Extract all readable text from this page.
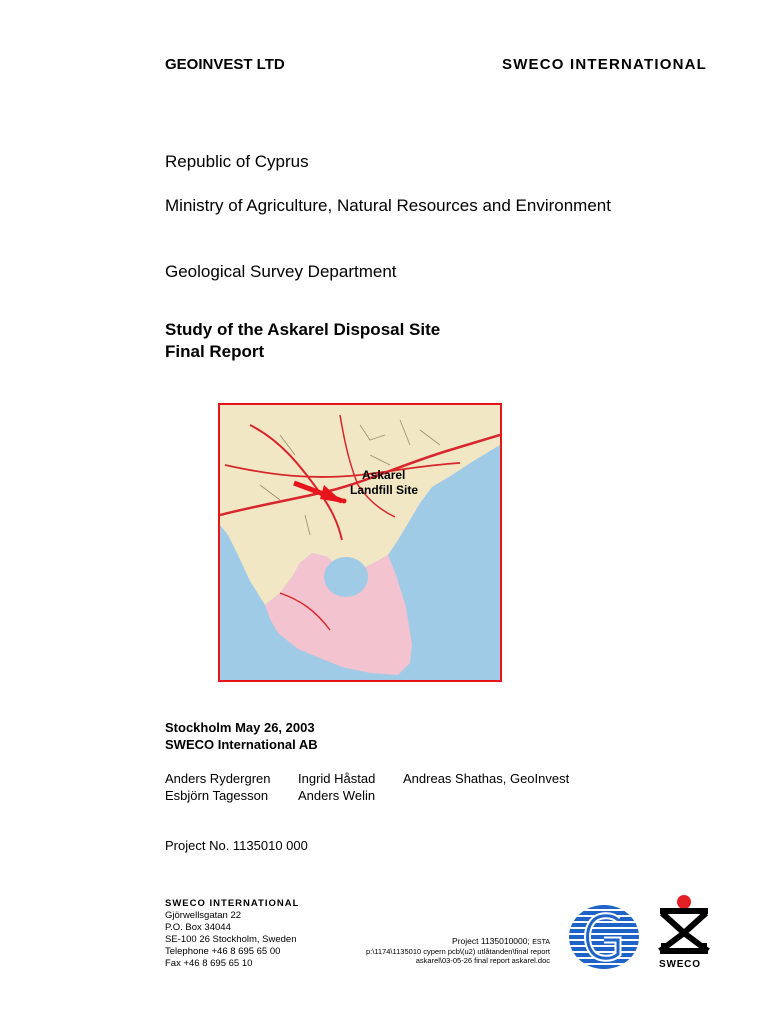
GEOINVEST LTD	SWECO INTERNATIONAL
Republic of Cyprus
Ministry of Agriculture, Natural Resources and Environment
Geological Survey Department
Study of the Askarel Disposal Site
Final Report
Askarel
Landfill Site
Stockholm May 26, 2003
SWECO International AB
Anders Rydergren Ingrid Håstad Andreas Shathas, GeoInvest
Esbjörn Tagesson Anders Welin
Project No. 1135010 000
SWECO INTERNATIONAL
Gjörwellsgatan 22
P.O. Box 34044
SE-100 26 Stockholm, Sweden
Telephone +46 8 695 65 00
Fax +46 8 695 65 10
Project 1135010000; ESTA
p:\1174\1135010 cypern pcb\(u2) utlåtanden\final report
askarel\03-05-26 final report askarel.doc	SWECO
